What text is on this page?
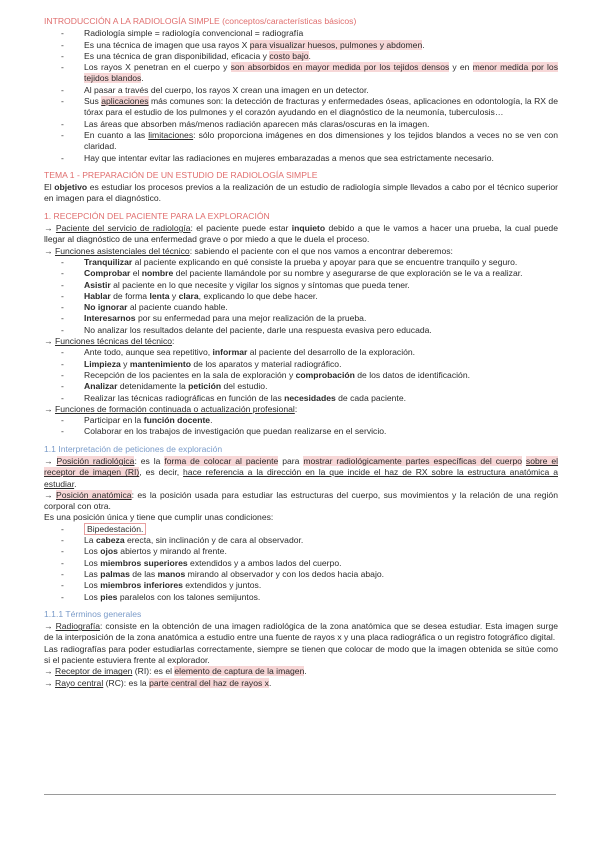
INTRODUCCIÓN A LA RADIOLOGÍA SIMPLE (conceptos/características básicos)
- Radiología simple = radiología convencional = radiografía
- Es una técnica de imagen que usa rayos X para visualizar huesos, pulmones y abdomen.
- Es una técnica de gran disponibilidad, eficacia y costo bajo.
- Los rayos X penetran en el cuerpo y son absorbidos en mayor medida por los tejidos densos y en menor medida por los tejidos blandos.
- Al pasar a través del cuerpo, los rayos X crean una imagen en un detector.
- Sus aplicaciones más comunes son: la detección de fracturas y enfermedades óseas, aplicaciones en odontología, la RX de tórax para el estudio de los pulmones y el corazón ayudando en el diagnóstico de la neumonía, tuberculosis…
- Las áreas que absorben más/menos radiación aparecen más claras/oscuras en la imagen.
- En cuanto a las limitaciones: sólo proporciona imágenes en dos dimensiones y los tejidos blandos a veces no se ven con claridad.
- Hay que intentar evitar las radiaciones en mujeres embarazadas a menos que sea estrictamente necesario.
TEMA 1 - PREPARACIÓN DE UN ESTUDIO DE RADIOLOGÍA SIMPLE

El objetivo es estudiar los procesos previos a la realización de un estudio de radiología simple llevados a cabo por el técnico superior en imagen para el diagnóstico.

1. RECEPCIÓN DEL PACIENTE PARA LA EXPLORACIÓN

→ Paciente del servicio de radiología: el paciente puede estar inquieto debido a que le vamos a hacer una prueba, la cual puede llegar al diagnóstico de una enfermedad grave o por miedo a que le duela el proceso.

→ Funciones asistenciales del técnico: sabiendo el paciente con el que nos vamos a encontrar deberemos:

- Tranquilizar al paciente explicando en qué consiste la prueba y apoyar para que se encuentre tranquilo y seguro.
- Comprobar el nombre del paciente llamándole por su nombre y asegurarse de que exploración se le va a realizar.
- Asistir al paciente en lo que necesite y vigilar los signos y síntomas que pueda tener.
- Hablar de forma lenta y clara, explicando lo que debe hacer.
- No ignorar al paciente cuando hable.
- Interesarnos por su enfermedad para una mejor realización de la prueba.
- No analizar los resultados delante del paciente, darle una respuesta evasiva pero educada.

→ Funciones técnicas del técnico:

- Ante todo, aunque sea repetitivo, informar al paciente del desarrollo de la exploración.
- Limpieza y mantenimiento de los aparatos y material radiográfico.
- Recepción de los pacientes en la sala de exploración y comprobación de los datos de identificación.
- Analizar detenidamente la petición del estudio.
- Realizar las técnicas radiográficas en función de las necesidades de cada paciente.

→ Funciones de formación continuada o actualización profesional:

- Participar en la función docente.
- Colaborar en los trabajos de investigación que puedan realizarse en el servicio.
1.1 Interpretación de peticiones de exploración

→ Posición radiológica: es la forma de colocar al paciente para mostrar radiológicamente partes específicas del cuerpo sobre el receptor de imagen (RI), es decir, hace referencia a la dirección en la que incide el haz de RX sobre la estructura anatómica a estudiar.

→ Posición anatómica: es la posición usada para estudiar las estructuras del cuerpo, sus movimientos y la relación de una región corporal con otra.

Es una posición única y tiene que cumplir unas condiciones:

- Bipedestación.
- La cabeza erecta, sin inclinación y de cara al observador.
- Los ojos abiertos y mirando al frente.
- Los miembros superiores extendidos y a ambos lados del cuerpo.
- Las palmas de las manos mirando al observador y con los dedos hacia abajo.
- Los miembros inferiores extendidos y juntos.
- Los pies paralelos con los talones semijuntos.
1.1.1 Términos generales

→ Radiografía: consiste en la obtención de una imagen radiológica de la zona anatómica que se desea estudiar. Esta imagen surge de la interposición de la zona anatómica a estudio entre una fuente de rayos x y una placa radiográfica o un registro fotográfico digital.

Las radiografías para poder estudiarlas correctamente, siempre se tienen que colocar de modo que la imagen obtenida se sitúe como si el paciente estuviera frente al explorador.

→ Receptor de imagen (RI): es el elemento de captura de la imagen.

→ Rayo central (RC): es la parte central del haz de rayos x.
